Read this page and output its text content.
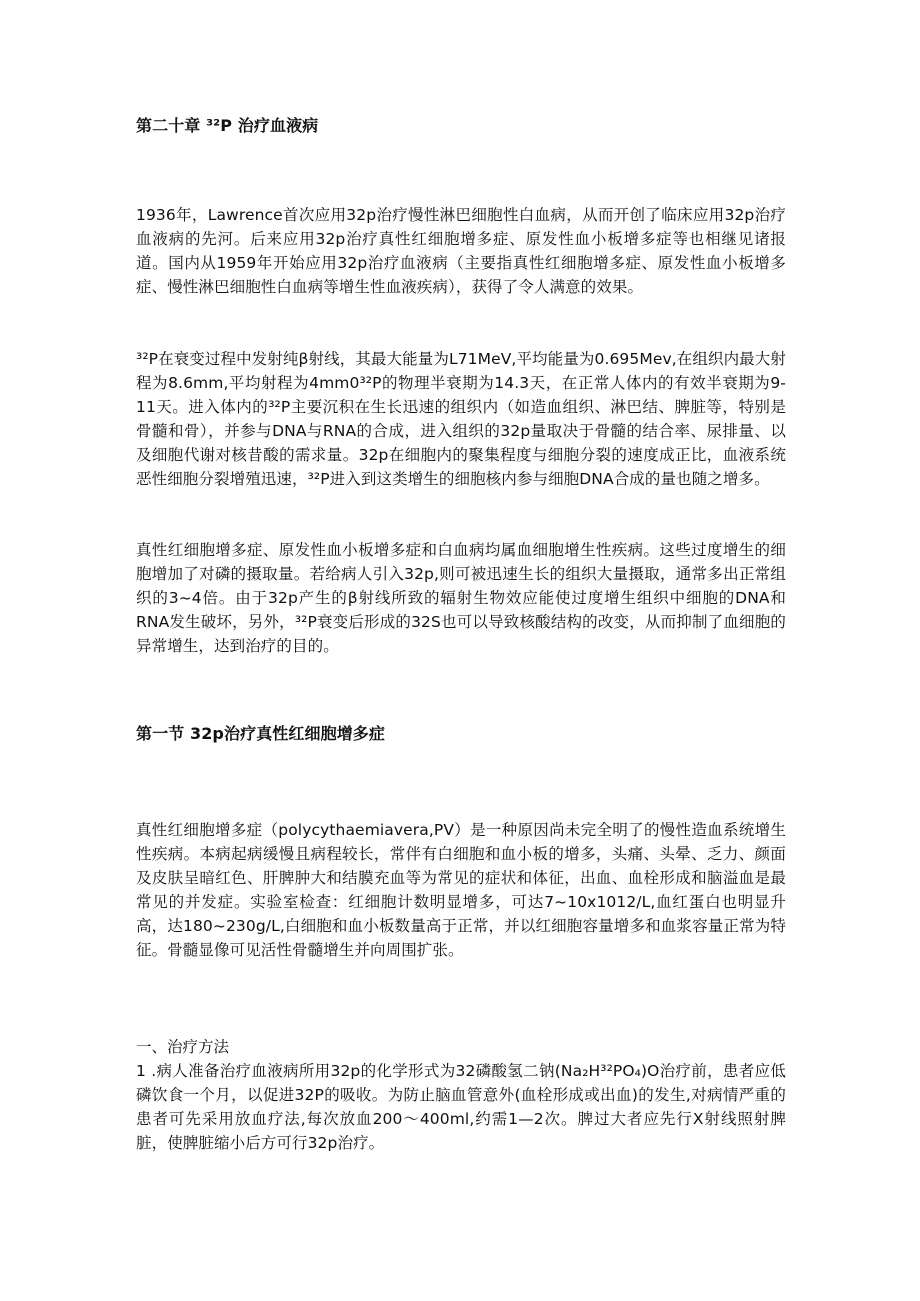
第二十章 ³²P 治疗血液病

1936年，Lawrence首次应用32p治疗慢性淋巴细胞性白血病，从而开创了临床应用32p治疗血液病的先河。后来应用32p治疗真性红细胞增多症、原发性血小板增多症等也相继见诸报道。国内从1959年开始应用32p治疗血液病（主要指真性红细胞增多症、原发性血小板增多症、慢性淋巴细胞性白血病等增生性血液疾病），获得了令人满意的效果。

³²P在衰变过程中发射纯β射线，其最大能量为L71MeV,平均能量为0.695Mev,在组织内最大射程为8.6mm,平均射程为4mm0³²P的物理半衰期为14.3天，在正常人体内的有效半衰期为9-11天。进入体内的³²P主要沉积在生长迅速的组织内（如造血组织、淋巴结、脾脏等，特别是骨髓和骨），并参与DNA与RNA的合成，进入组织的32p量取决于骨髓的结合率、尿排量、以及细胞代谢对核昔酸的需求量。32p在细胞内的聚集程度与细胞分裂的速度成正比，血液系统恶性细胞分裂增殖迅速，³²P进入到这类增生的细胞核内参与细胞DNA合成的量也随之增多。

真性红细胞增多症、原发性血小板增多症和白血病均属血细胞增生性疾病。这些过度增生的细胞增加了对磷的摄取量。若给病人引入32p,则可被迅速生长的组织大量摄取，通常多出正常组织的3~4倍。由于32p产生的β射线所致的辐射生物效应能使过度增生组织中细胞的DNA和RNA发生破坏，另外，³²P衰变后形成的32S也可以导致核酸结构的改变，从而抑制了血细胞的异常增生，达到治疗的目的。

第一节 32p治疗真性红细胞增多症

真性红细胞增多症（polycythaemiavera,PV）是一种原因尚未完全明了的慢性造血系统增生性疾病。本病起病缓慢且病程较长，常伴有白细胞和血小板的增多，头痛、头晕、乏力、颜面及皮肤呈暗红色、肝脾肿大和结膜充血等为常见的症状和体征，出血、血栓形成和脑溢血是最常见的并发症。实验室检查：红细胞计数明显增多，可达7~10x1012/L,血红蛋白也明显升高，达180~230g/L,白细胞和血小板数量高于正常，并以红细胞容量增多和血浆容量正常为特征。骨髓显像可见活性骨髓增生并向周围扩张。

一、治疗方法

1 .病人准备治疗血液病所用32p的化学形式为32磷酸氢二钠(Na₂H³²PO₄)O治疗前，患者应低磷饮食一个月，以促进32P的吸收。为防止脑血管意外(血栓形成或出血)的发生,对病情严重的患者可先采用放血疗法,每次放血200～400ml,约需1—2次。脾过大者应先行X射线照射脾脏，使脾脏缩小后方可行32p治疗。
